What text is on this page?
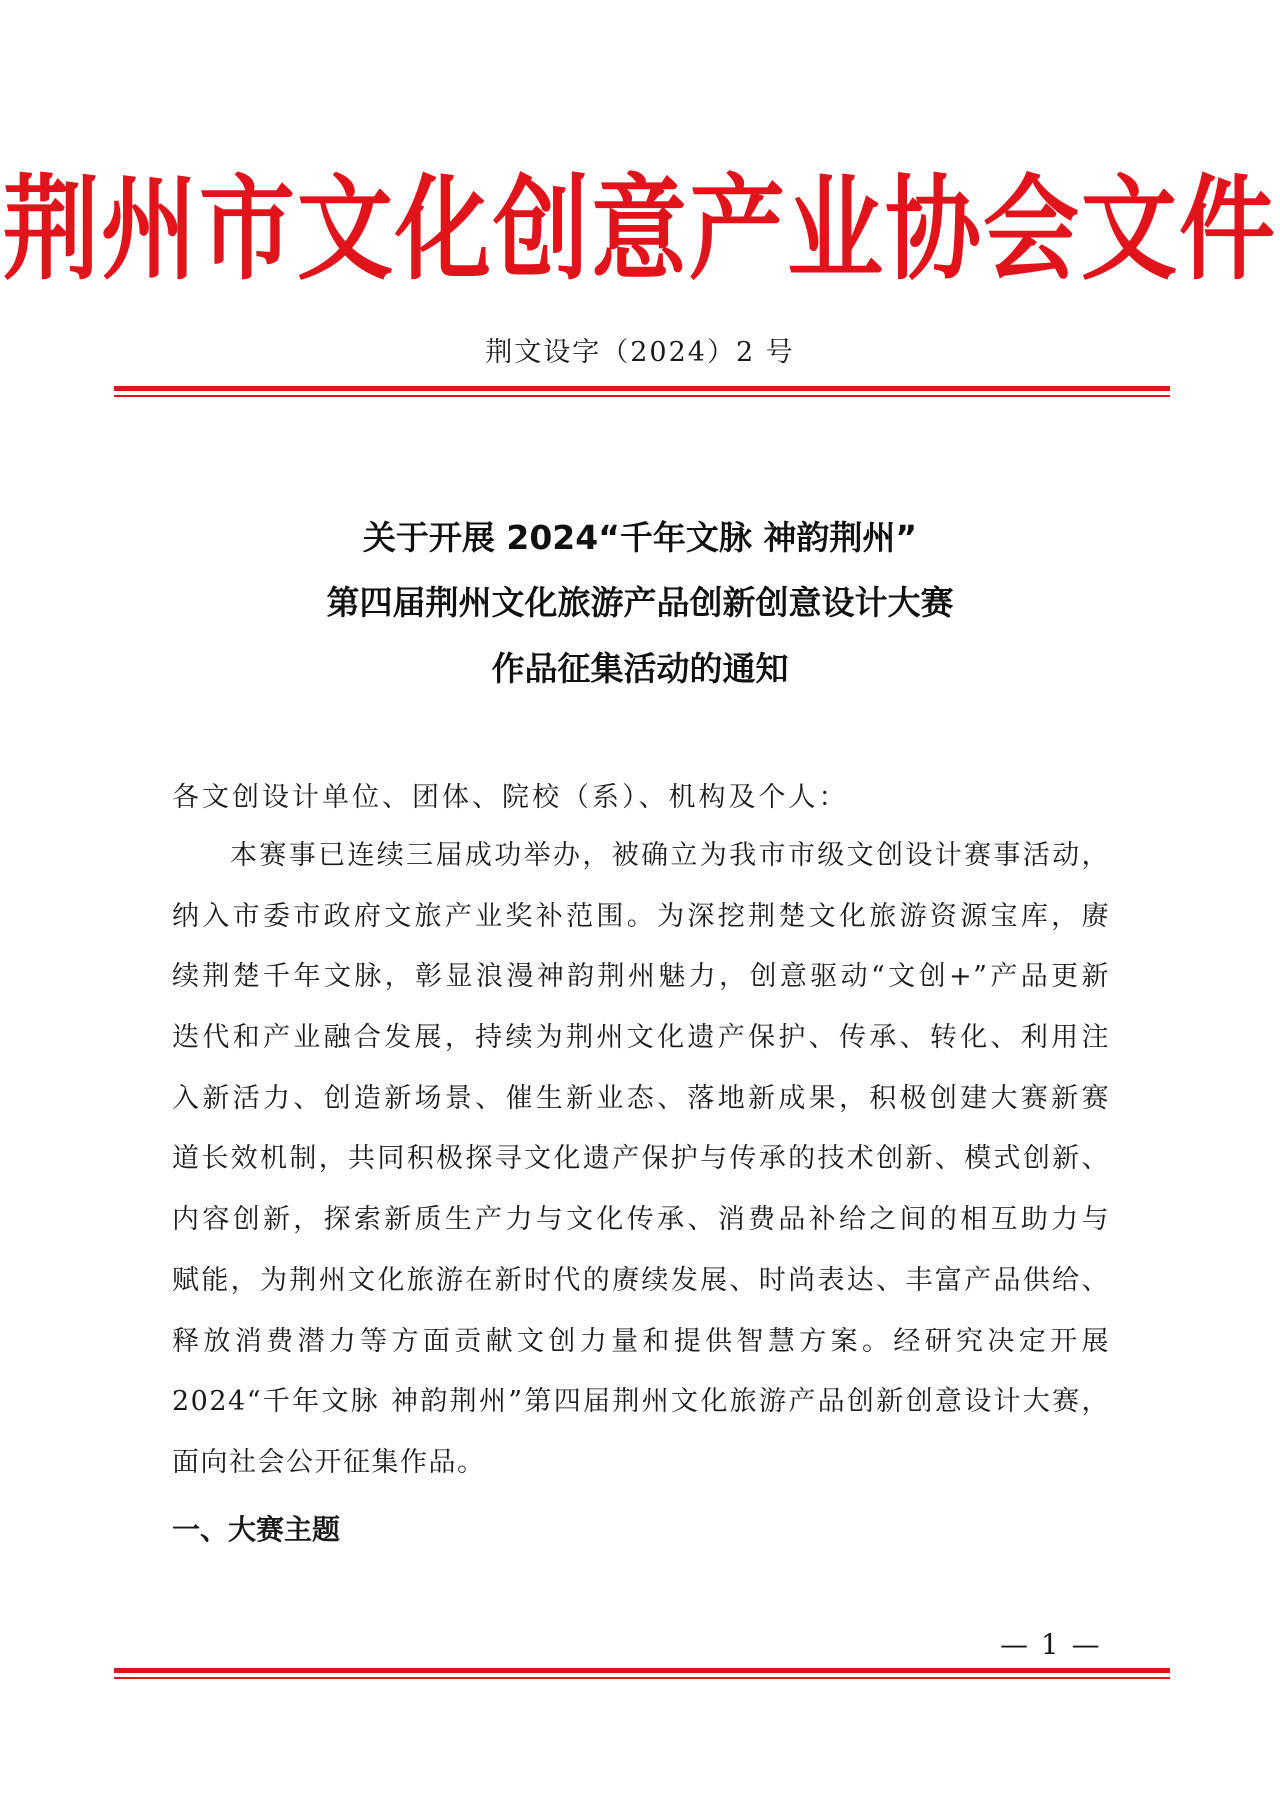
荆州市文化创意产业协会文件
荆文设字（2024）2 号
关于开展 2024“千年文脉 神韵荆州”
第四届荆州文化旅游产品创新创意设计大赛
作品征集活动的通知
各文创设计单位、团体、院校（系）、机构及个人：
本赛事已连续三届成功举办，被确立为我市市级文创设计赛事活动，
纳入市委市政府文旅产业奖补范围。为深挖荆楚文化旅游资源宝库，赓
续荆楚千年文脉，彰显浪漫神韵荆州魅力，创意驱动“文创+”产品更新
迭代和产业融合发展，持续为荆州文化遗产保护、传承、转化、利用注
入新活力、创造新场景、催生新业态、落地新成果，积极创建大赛新赛
道长效机制，共同积极探寻文化遗产保护与传承的技术创新、模式创新、
内容创新，探索新质生产力与文化传承、消费品补给之间的相互助力与
赋能，为荆州文化旅游在新时代的赓续发展、时尚表达、丰富产品供给、
释放消费潜力等方面贡献文创力量和提供智慧方案。经研究决定开展
2024“千年文脉 神韵荆州”第四届荆州文化旅游产品创新创意设计大赛，
面向社会公开征集作品。
一、大赛主题
— 1 —
